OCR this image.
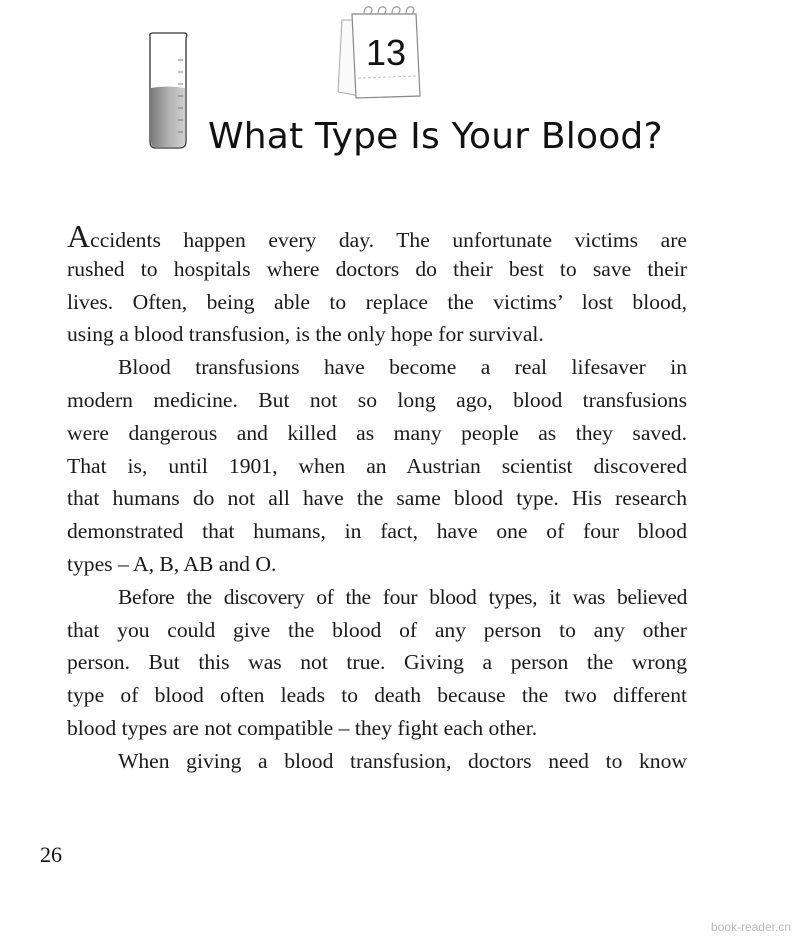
13
What Type Is Your Blood?

Accidents happen every day. The unfortunate victims are
rushed to hospitals where doctors do their best to save their
lives. Often, being able to replace the victims’ lost blood,
using a blood transfusion, is the only hope for survival.

Blood transfusions have become a real lifesaver in
modern medicine. But not so long ago, blood transfusions
were dangerous and killed as many people as they saved.
That is, until 1901, when an Austrian scientist discovered
that humans do not all have the same blood type. His research
demonstrated that humans, in fact, have one of four blood
types – A, B, AB and O.

Before the discovery of the four blood types, it was believed
that you could give the blood of any person to any other
person. But this was not true. Giving a person the wrong
type of blood often leads to death because the two different
blood types are not compatible – they fight each other.

When giving a blood transfusion, doctors need to know

26
book-reader.cn
